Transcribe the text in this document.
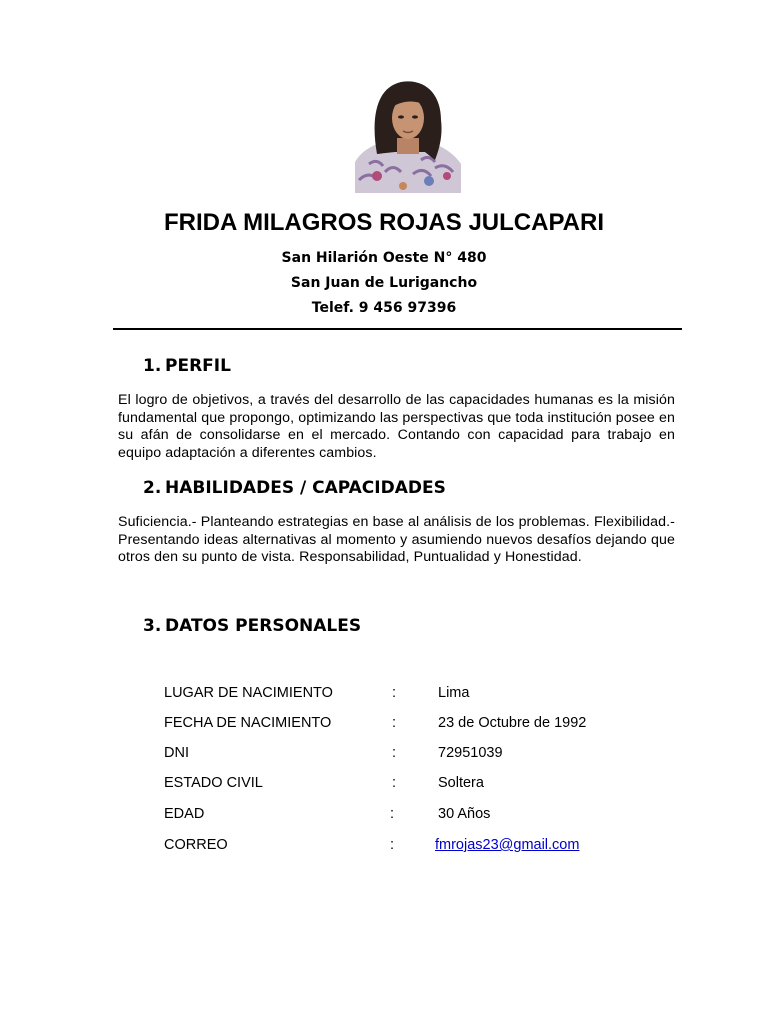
FRIDA MILAGROS ROJAS JULCAPARI
San Hilarión Oeste N° 480
San Juan de Lurigancho
Telef. 9 456 97396
1. PERFIL
El logro de objetivos, a través del desarrollo de las capacidades humanas es la misión fundamental que propongo, optimizando las perspectivas que toda institución posee en su afán de consolidarse en el mercado. Contando con capacidad para trabajo en equipo adaptación a diferentes cambios.
2. HABILIDADES / CAPACIDADES
Suficiencia.- Planteando estrategias en base al análisis de los problemas. Flexibilidad.- Presentando ideas alternativas al momento y asumiendo nuevos desafíos dejando que otros den su punto de vista. Responsabilidad, Puntualidad y Honestidad.
3. DATOS PERSONALES
LUGAR DE NACIMIENTO	:	Lima
FECHA DE NACIMIENTO	:	23 de Octubre de 1992
DNI	:	72951039
ESTADO CIVIL	:	Soltera
EDAD	:	30 Años
CORREO	:	fmrojas23@gmail.com
